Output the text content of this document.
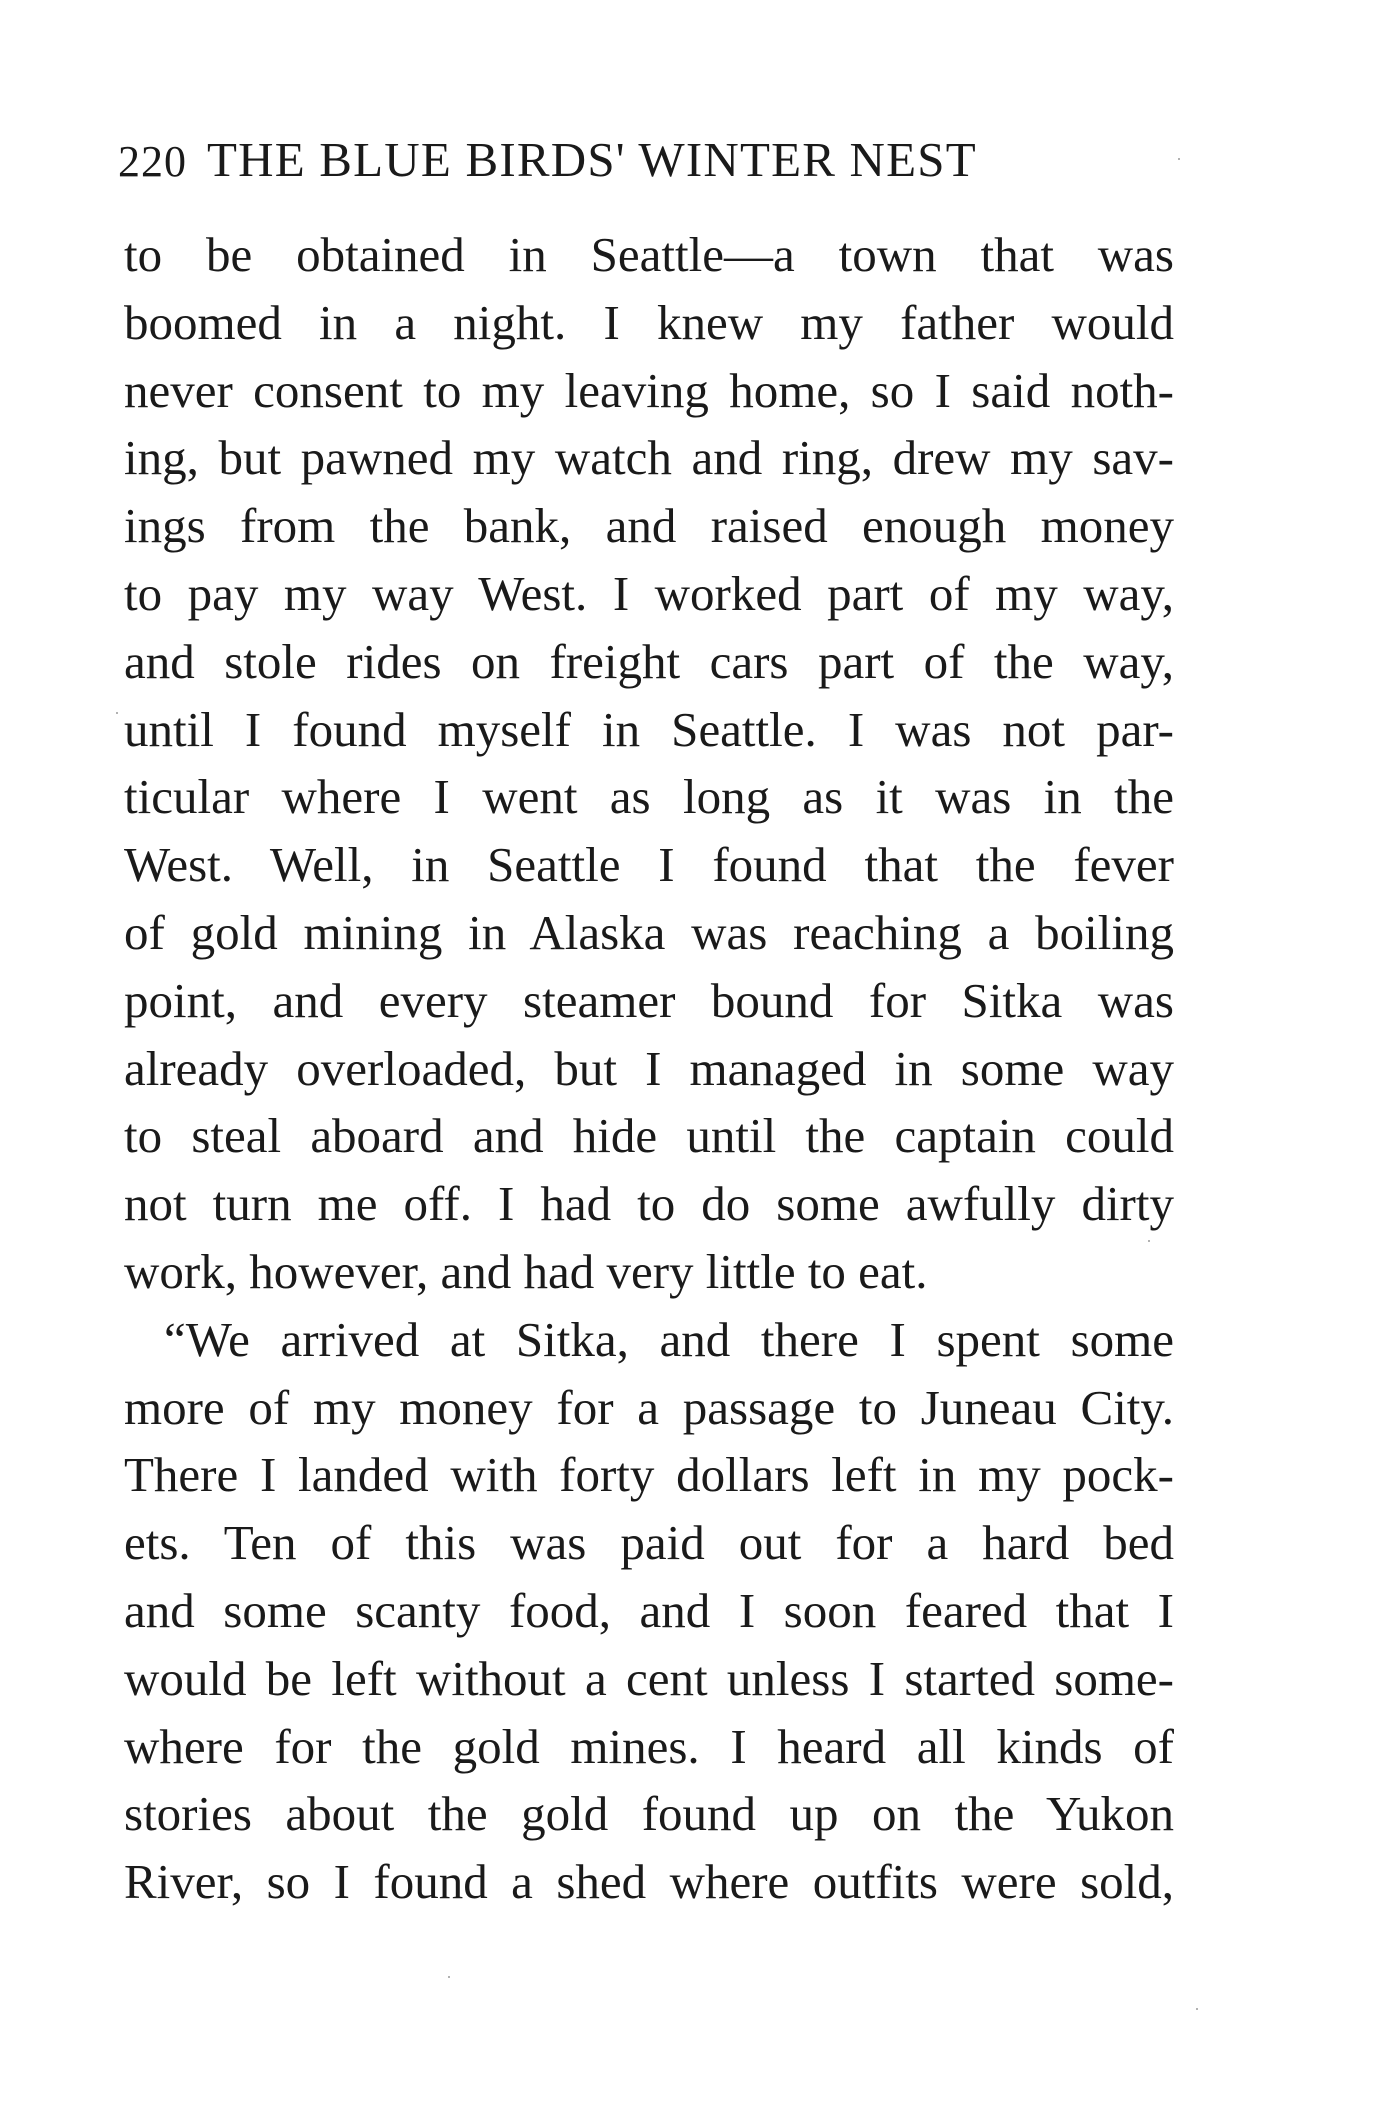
220 THE BLUE BIRDS' WINTER NEST
to be obtained in Seattle—a town that was
boomed in a night. I knew my father would
never consent to my leaving home, so I said noth-
ing, but pawned my watch and ring, drew my sav-
ings from the bank, and raised enough money
to pay my way West. I worked part of my way,
and stole rides on freight cars part of the way,
until I found myself in Seattle. I was not par-
ticular where I went as long as it was in the
West. Well, in Seattle I found that the fever
of gold mining in Alaska was reaching a boiling
point, and every steamer bound for Sitka was
already overloaded, but I managed in some way
to steal aboard and hide until the captain could
not turn me off. I had to do some awfully dirty
work, however, and had very little to eat.
“We arrived at Sitka, and there I spent some
more of my money for a passage to Juneau City.
There I landed with forty dollars left in my pock-
ets. Ten of this was paid out for a hard bed
and some scanty food, and I soon feared that I
would be left without a cent unless I started some-
where for the gold mines. I heard all kinds of
stories about the gold found up on the Yukon
River, so I found a shed where outfits were sold,
